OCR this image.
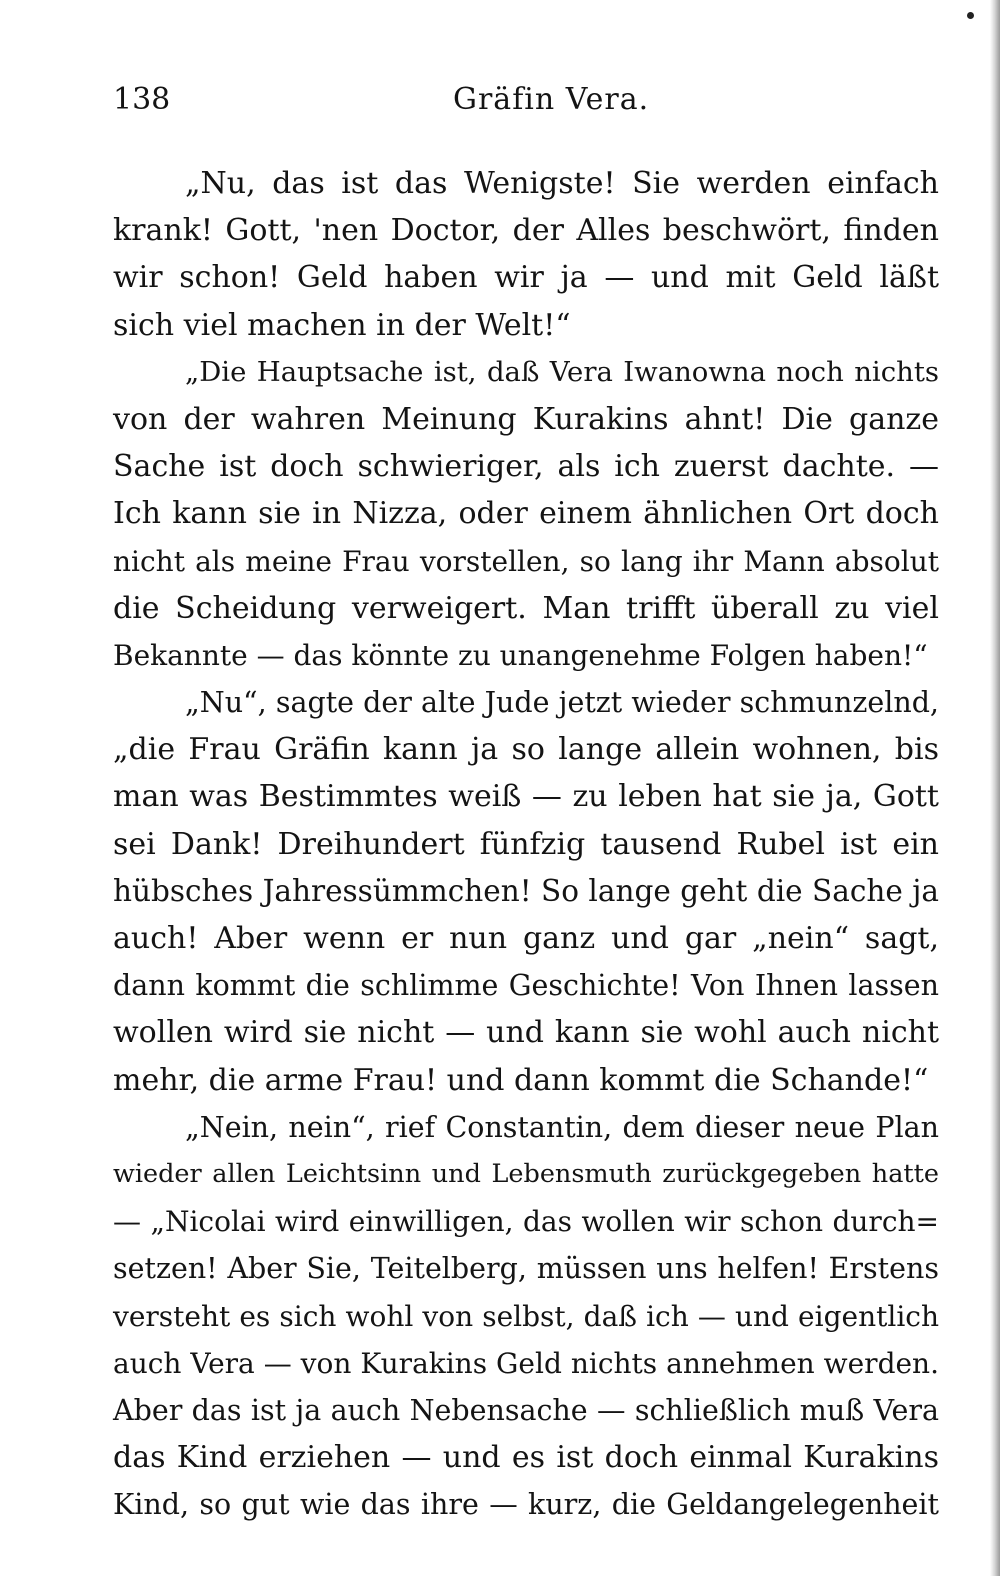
138	Gräfin Vera.
„Nu, das ist das Wenigste! Sie werden einfach
krank! Gott, 'nen Doctor, der Alles beschwört, finden
wir schon! Geld haben wir ja — und mit Geld läßt
sich viel machen in der Welt!“
„Die Hauptsache ist, daß Vera Iwanowna noch nichts
von der wahren Meinung Kurakins ahnt! Die ganze
Sache ist doch schwieriger, als ich zuerst dachte. —
Ich kann sie in Nizza, oder einem ähnlichen Ort doch
nicht als meine Frau vorstellen, so lang ihr Mann absolut
die Scheidung verweigert. Man trifft überall zu viel
Bekannte — das könnte zu unangenehme Folgen haben!“
„Nu“, sagte der alte Jude jetzt wieder schmunzelnd,
„die Frau Gräfin kann ja so lange allein wohnen, bis
man was Bestimmtes weiß — zu leben hat sie ja, Gott
sei Dank! Dreihundert fünfzig tausend Rubel ist ein
hübsches Jahressümmchen! So lange geht die Sache ja
auch! Aber wenn er nun ganz und gar „nein“ sagt,
dann kommt die schlimme Geschichte! Von Ihnen lassen
wollen wird sie nicht — und kann sie wohl auch nicht
mehr, die arme Frau! und dann kommt die Schande!“
„Nein, nein“, rief Constantin, dem dieser neue Plan
wieder allen Leichtsinn und Lebensmuth zurückgegeben hatte
— „Nicolai wird einwilligen, das wollen wir schon durch=
setzen! Aber Sie, Teitelberg, müssen uns helfen! Erstens
versteht es sich wohl von selbst, daß ich — und eigentlich
auch Vera — von Kurakins Geld nichts annehmen werden.
Aber das ist ja auch Nebensache — schließlich muß Vera
das Kind erziehen — und es ist doch einmal Kurakins
Kind, so gut wie das ihre — kurz, die Geldangelegenheit
